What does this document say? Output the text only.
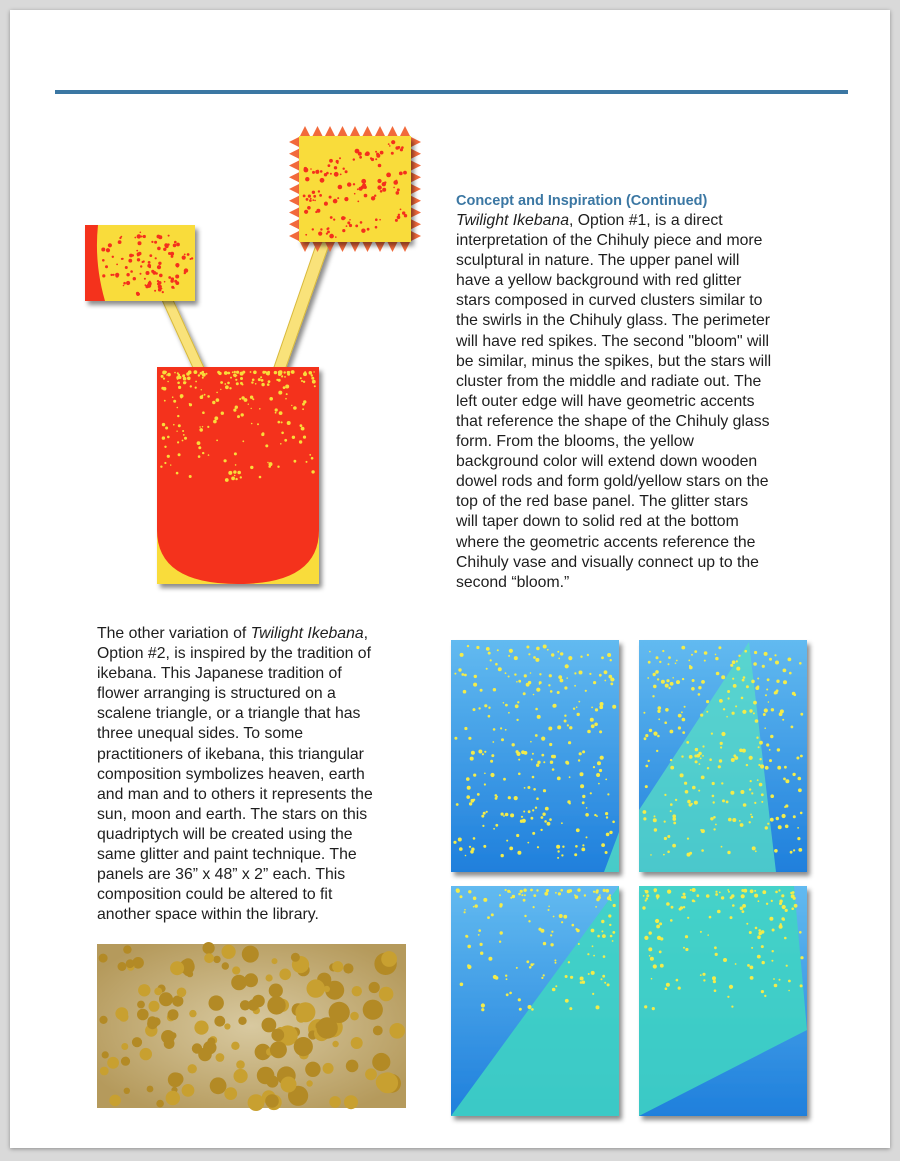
Concept and Inspiration (Continued)
Twilight Ikebana, Option #1, is a direct
interpretation of the Chihuly piece and more
sculptural in nature. The upper panel will
have a yellow background with red glitter
stars composed in curved clusters similar to
the swirls in the Chihuly glass. The perimeter
will have red spikes. The second "bloom" will
be similar, minus the spikes, but the stars will
cluster from the middle and radiate out. The
left outer edge will have geometric accents
that reference the shape of the Chihuly glass
form. From the blooms, the yellow
background color will extend down wooden
dowel rods and form gold/yellow stars on the
top of the red base panel. The glitter stars
will taper down to solid red at the bottom
where the geometric accents reference the
Chihuly vase and visually connect up to the
second “bloom.”
The other variation of Twilight Ikebana,
Option #2, is inspired by the tradition of
ikebana. This Japanese tradition of
flower arranging is structured on a
scalene triangle, or a triangle that has
three unequal sides. To some
practitioners of ikebana, this triangular
composition symbolizes heaven, earth
and man and to others it represents the
sun, moon and earth. The stars on this
quadriptych will be created using the
same glitter and paint technique. The
panels are 36” x 48” x 2” each. This
composition could be altered to fit
another space within the library.
